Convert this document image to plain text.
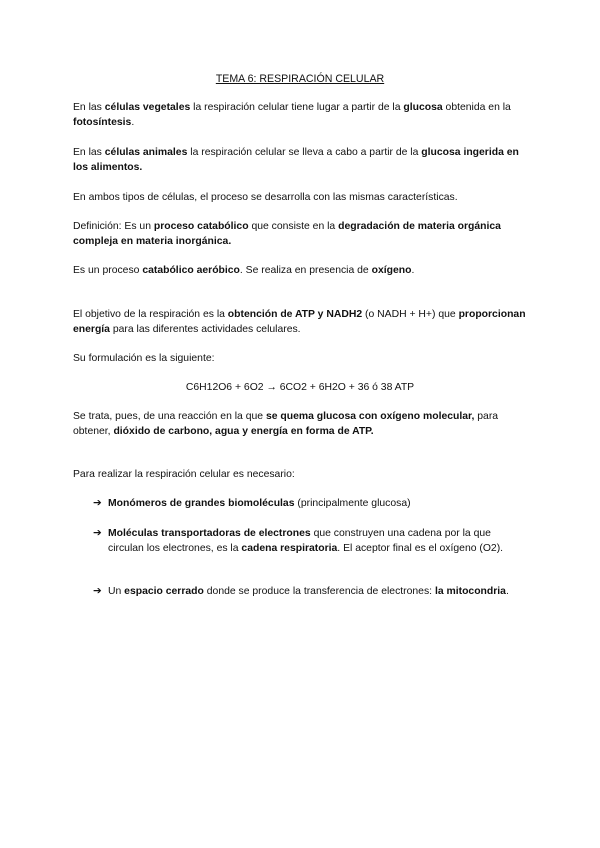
TEMA 6: RESPIRACIÓN CELULAR

En las células vegetales la respiración celular tiene lugar a partir de la glucosa obtenida en la fotosíntesis.

En las células animales la respiración celular se lleva a cabo a partir de la glucosa ingerida en los alimentos.

En ambos tipos de células, el proceso se desarrolla con las mismas características.

Definición: Es un proceso catabólico que consiste en la degradación de materia orgánica compleja en materia inorgánica.

Es un proceso catabólico aeróbico. Se realiza en presencia de oxígeno.

El objetivo de la respiración es la obtención de ATP y NADH2 (o NADH + H+) que proporcionan energía para las diferentes actividades celulares.

Su formulación es la siguiente:

C6H12O6 + 6O2 → 6CO2 + 6H2O + 36 ó 38 ATP

Se trata, pues, de una reacción en la que se quema glucosa con oxígeno molecular, para obtener, dióxido de carbono, agua y energía en forma de ATP.

Para realizar la respiración celular es necesario:

➔ Monómeros de grandes biomoléculas (principalmente glucosa)
➔ Moléculas transportadoras de electrones que construyen una cadena por la que circulan los electrones, es la cadena respiratoria. El aceptor final es el oxígeno (O2).
➔ Un espacio cerrado donde se produce la transferencia de electrones: la mitocondria.
